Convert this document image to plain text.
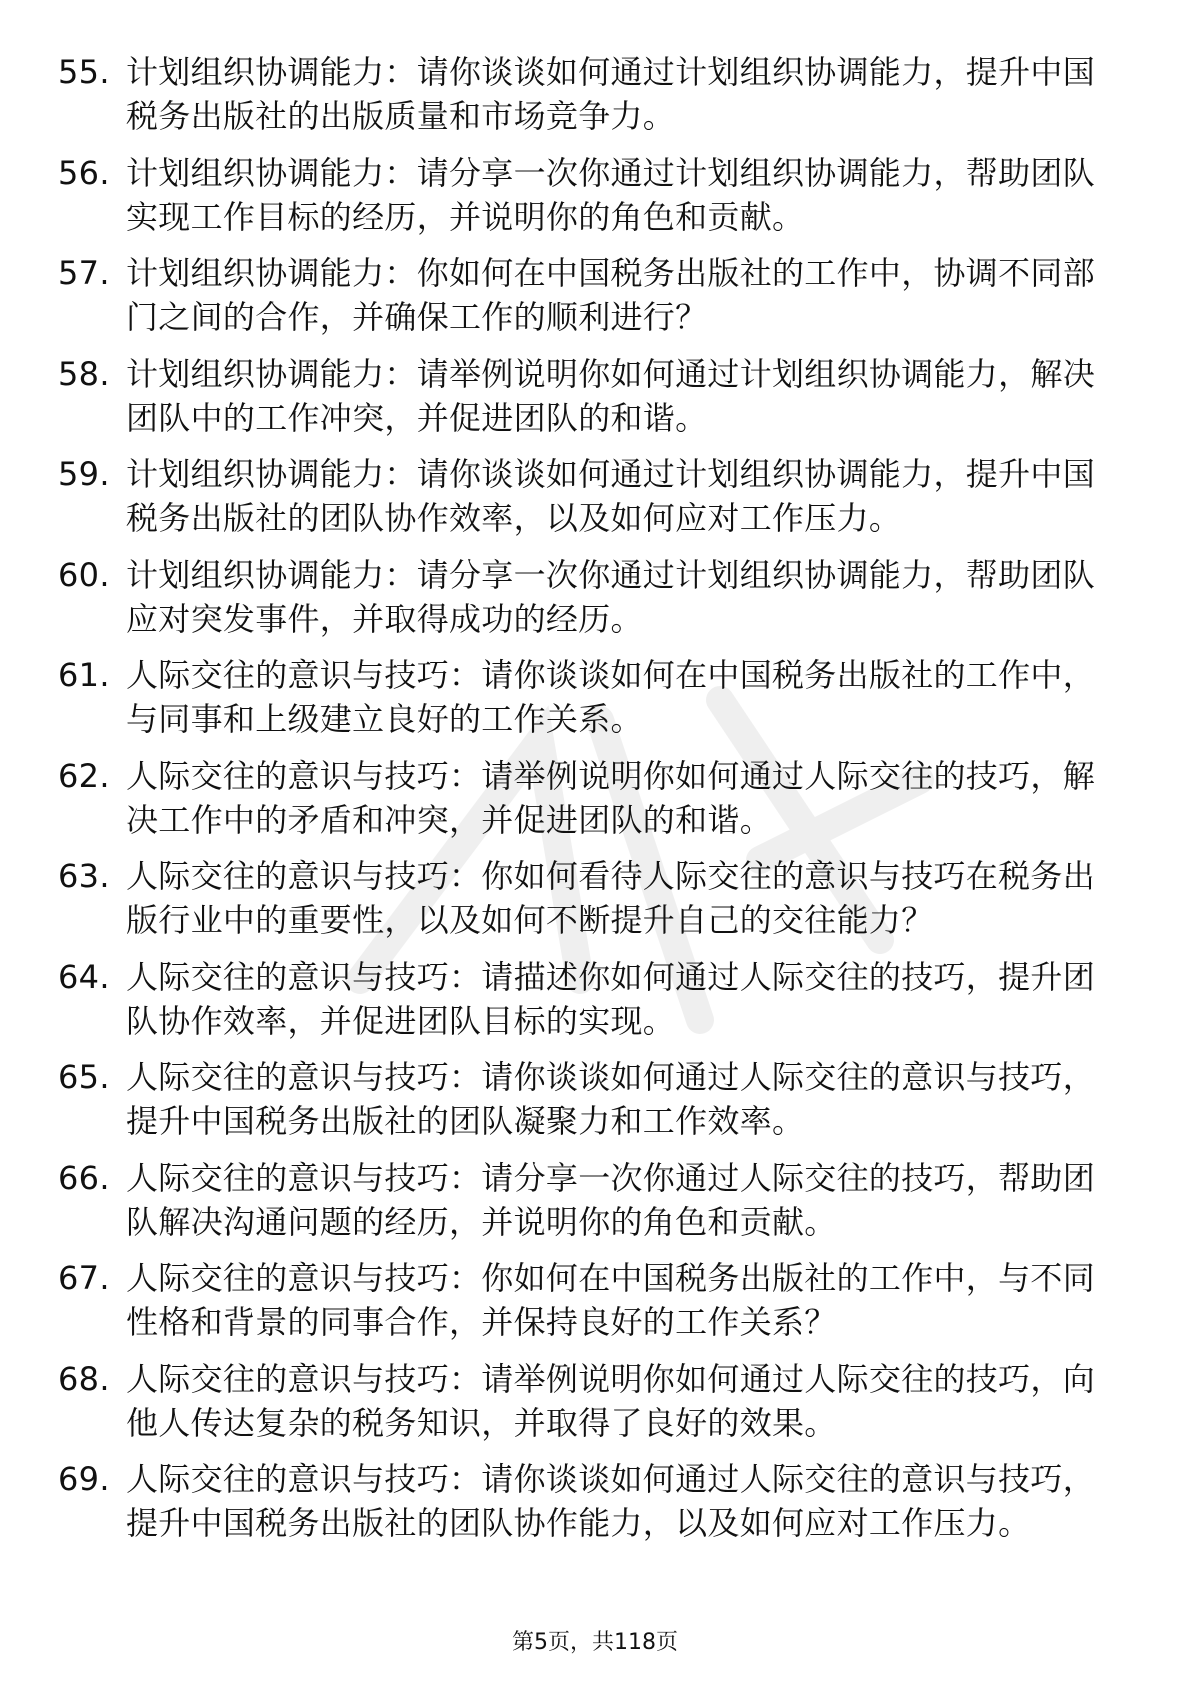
55. 计划组织协调能力：请你谈谈如何通过计划组织协调能力，提升中国税务出版社的出版质量和市场竞争力。
56. 计划组织协调能力：请分享一次你通过计划组织协调能力，帮助团队实现工作目标的经历，并说明你的角色和贡献。
57. 计划组织协调能力：你如何在中国税务出版社的工作中，协调不同部门之间的合作，并确保工作的顺利进行？
58. 计划组织协调能力：请举例说明你如何通过计划组织协调能力，解决团队中的工作冲突，并促进团队的和谐。
59. 计划组织协调能力：请你谈谈如何通过计划组织协调能力，提升中国税务出版社的团队协作效率，以及如何应对工作压力。
60. 计划组织协调能力：请分享一次你通过计划组织协调能力，帮助团队应对突发事件，并取得成功的经历。
61. 人际交往的意识与技巧：请你谈谈如何在中国税务出版社的工作中，与同事和上级建立良好的工作关系。
62. 人际交往的意识与技巧：请举例说明你如何通过人际交往的技巧，解决工作中的矛盾和冲突，并促进团队的和谐。
63. 人际交往的意识与技巧：你如何看待人际交往的意识与技巧在税务出版行业中的重要性，以及如何不断提升自己的交往能力？
64. 人际交往的意识与技巧：请描述你如何通过人际交往的技巧，提升团队协作效率，并促进团队目标的实现。
65. 人际交往的意识与技巧：请你谈谈如何通过人际交往的意识与技巧，提升中国税务出版社的团队凝聚力和工作效率。
66. 人际交往的意识与技巧：请分享一次你通过人际交往的技巧，帮助团队解决沟通问题的经历，并说明你的角色和贡献。
67. 人际交往的意识与技巧：你如何在中国税务出版社的工作中，与不同性格和背景的同事合作，并保持良好的工作关系？
68. 人际交往的意识与技巧：请举例说明你如何通过人际交往的技巧，向他人传达复杂的税务知识，并取得了良好的效果。
69. 人际交往的意识与技巧：请你谈谈如何通过人际交往的意识与技巧，提升中国税务出版社的团队协作能力，以及如何应对工作压力。
第5页，共118页
